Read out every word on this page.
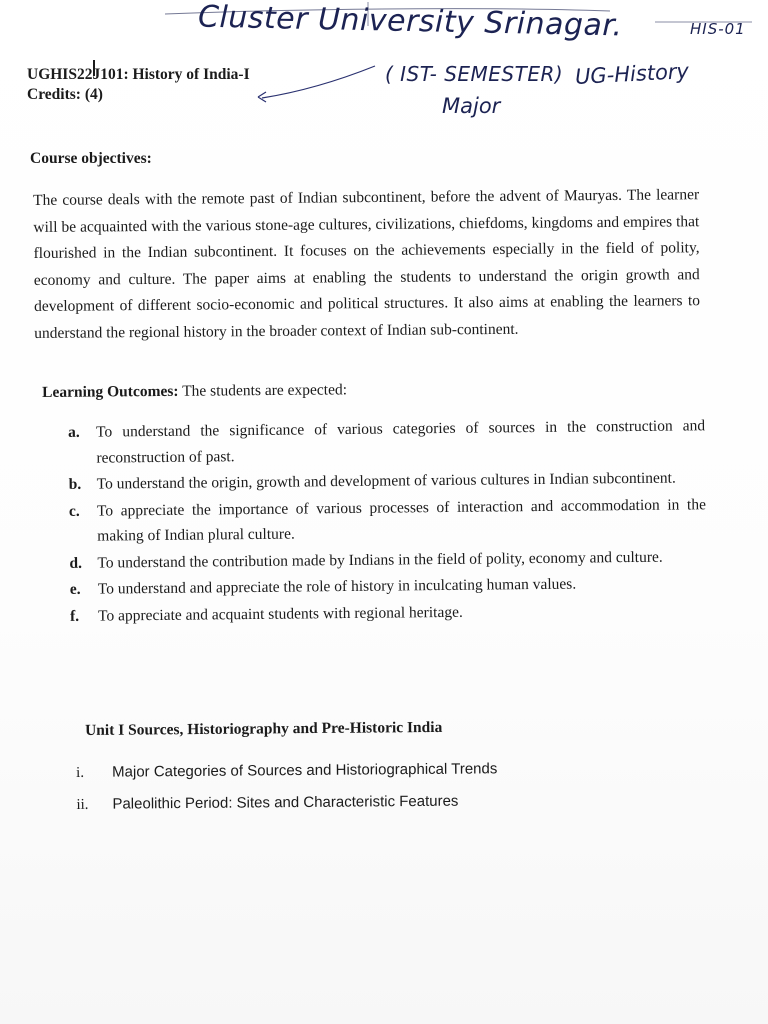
Cluster University Srinagar.	HIS-01
( IST- SEMESTER) UG-History
Major
UGHIS22J101: History of India-I
Credits: (4)
Course objectives:

The course deals with the remote past of Indian subcontinent, before the advent of Mauryas. The learner will be acquainted with the various stone-age cultures, civilizations, chiefdoms, kingdoms and empires that flourished in the Indian subcontinent. It focuses on the achievements especially in the field of polity, economy and culture. The paper aims at enabling the students to understand the origin growth and development of different socio-economic and political structures. It also aims at enabling the learners to understand the regional history in the broader context of Indian sub-continent.

Learning Outcomes: The students are expected:
a. To understand the significance of various categories of sources in the construction and reconstruction of past.
b. To understand the origin, growth and development of various cultures in Indian subcontinent.
c. To appreciate the importance of various processes of interaction and accommodation in the making of Indian plural culture.
d. To understand the contribution made by Indians in the field of polity, economy and culture.
e. To understand and appreciate the role of history in inculcating human values.
f. To appreciate and acquaint students with regional heritage.
Unit I Sources, Historiography and Pre-Historic India
i. Major Categories of Sources and Historiographical Trends
ii. Paleolithic Period: Sites and Characteristic Features
